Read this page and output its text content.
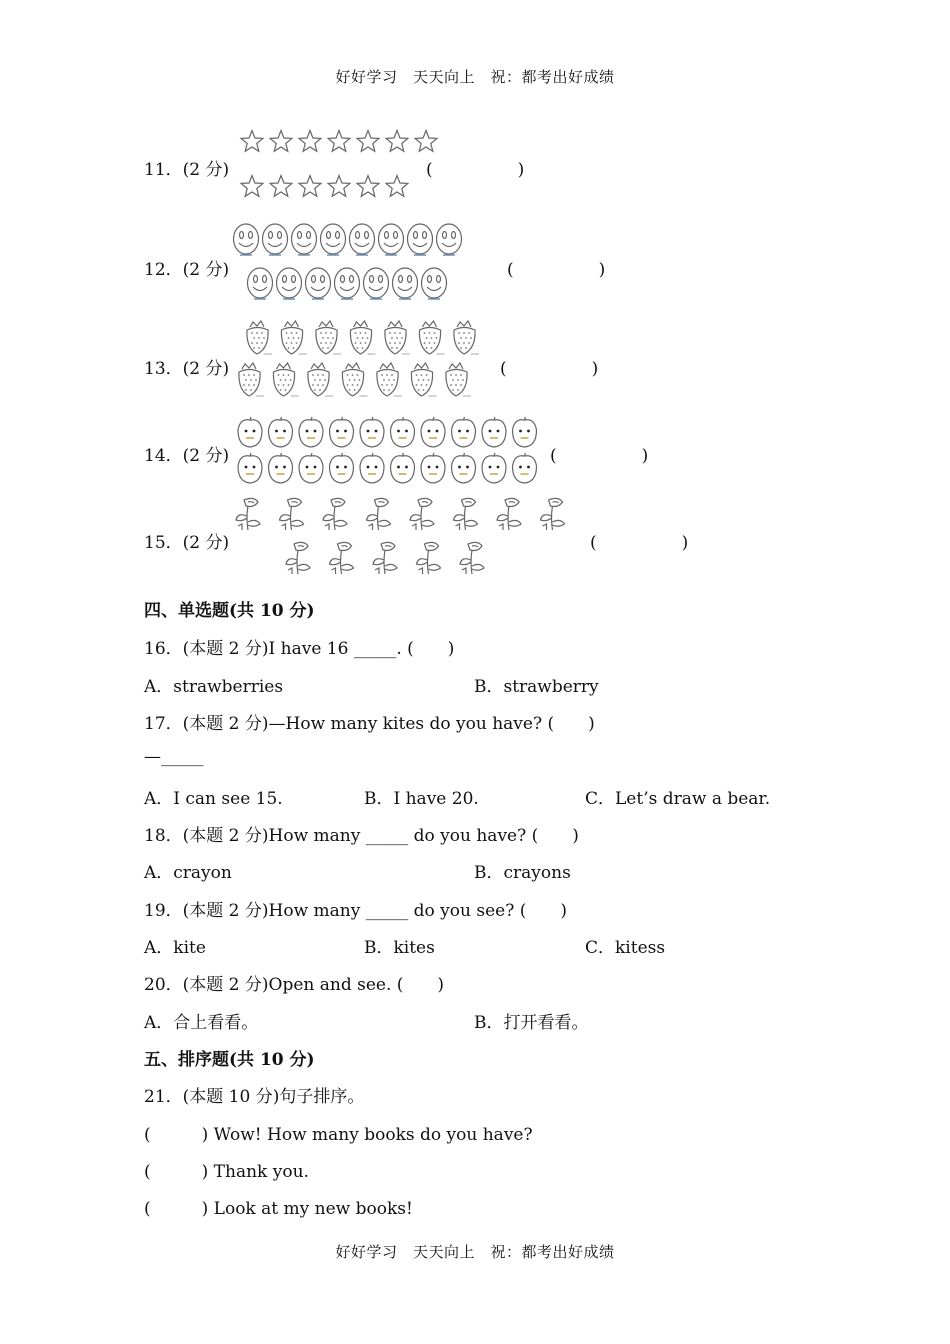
好好学习　天天向上　祝：都考出好成绩
11．(2 分)	(　　　　　)
12．(2 分)	(　　　　　)
13．(2 分)	(　　　　　)
14．(2 分)	(　　　　　)
15．(2 分)	(　　　　　)
四、单选题(共 10 分)
16．(本题 2 分)I have 16 _____. (　　)
A．strawberries	B．strawberry
17．(本题 2 分)—How many kites do you have? (　　)
—_____
A．I can see 15.	B．I have 20.	C．Let’s draw a bear.
18．(本题 2 分)How many _____ do you have? (　　)
A．crayon	B．crayons
19．(本题 2 分)How many _____ do you see? (　　)
A．kite	B．kites	C．kitess
20．(本题 2 分)Open and see. (　　)
A．合上看看。	B．打开看看。
五、排序题(共 10 分)
21．(本题 10 分)句子排序。
(　　　) Wow! How many books do you have?
(　　　) Thank you.
(　　　) Look at my new books!
好好学习　天天向上　祝：都考出好成绩
